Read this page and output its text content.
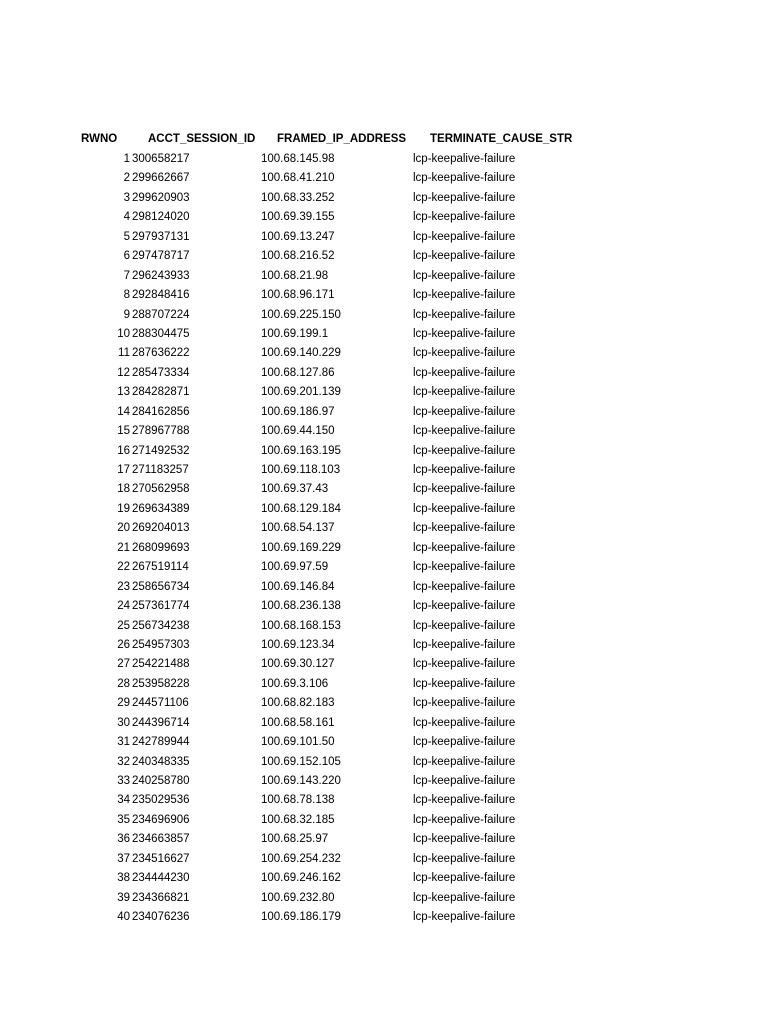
RWNO	ACCT_SESSION_ID FRAMED_IP_ADDRESS TERMINATE_CAUSE_STR
1 300658217	100.68.145.98	lcp-keepalive-failure
2 299662667	100.68.41.210	lcp-keepalive-failure
3 299620903	100.68.33.252	lcp-keepalive-failure
4 298124020	100.69.39.155	lcp-keepalive-failure
5 297937131	100.69.13.247	lcp-keepalive-failure
6 297478717	100.68.216.52	lcp-keepalive-failure
7 296243933	100.68.21.98	lcp-keepalive-failure
8 292848416	100.68.96.171	lcp-keepalive-failure
9 288707224	100.69.225.150	lcp-keepalive-failure
10 288304475	100.69.199.1	lcp-keepalive-failure
11 287636222	100.69.140.229	lcp-keepalive-failure
12 285473334	100.68.127.86	lcp-keepalive-failure
13 284282871	100.69.201.139	lcp-keepalive-failure
14 284162856	100.69.186.97	lcp-keepalive-failure
15 278967788	100.69.44.150	lcp-keepalive-failure
16 271492532	100.69.163.195	lcp-keepalive-failure
17 271183257	100.69.118.103	lcp-keepalive-failure
18 270562958	100.69.37.43	lcp-keepalive-failure
19 269634389	100.68.129.184	lcp-keepalive-failure
20 269204013	100.68.54.137	lcp-keepalive-failure
21 268099693	100.69.169.229	lcp-keepalive-failure
22 267519114	100.69.97.59	lcp-keepalive-failure
23 258656734	100.69.146.84	lcp-keepalive-failure
24 257361774	100.68.236.138	lcp-keepalive-failure
25 256734238	100.68.168.153	lcp-keepalive-failure
26 254957303	100.69.123.34	lcp-keepalive-failure
27 254221488	100.69.30.127	lcp-keepalive-failure
28 253958228	100.69.3.106	lcp-keepalive-failure
29 244571106	100.68.82.183	lcp-keepalive-failure
30 244396714	100.68.58.161	lcp-keepalive-failure
31 242789944	100.69.101.50	lcp-keepalive-failure
32 240348335	100.69.152.105	lcp-keepalive-failure
33 240258780	100.69.143.220	lcp-keepalive-failure
34 235029536	100.68.78.138	lcp-keepalive-failure
35 234696906	100.68.32.185	lcp-keepalive-failure
36 234663857	100.68.25.97	lcp-keepalive-failure
37 234516627	100.69.254.232	lcp-keepalive-failure
38 234444230	100.69.246.162	lcp-keepalive-failure
39 234366821	100.69.232.80	lcp-keepalive-failure
40 234076236	100.69.186.179	lcp-keepalive-failure
